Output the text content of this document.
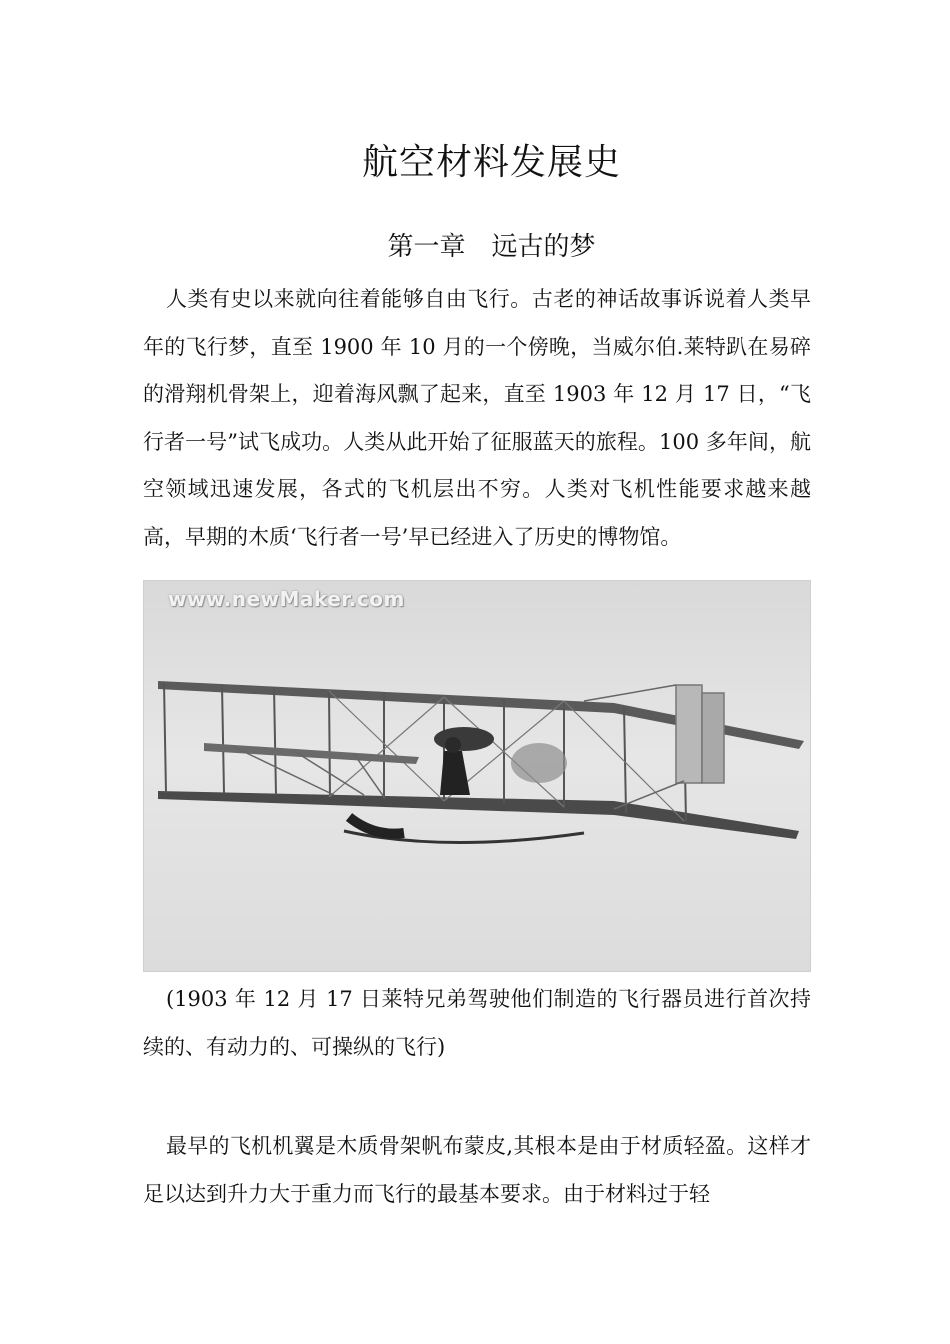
航空材料发展史
第一章　远古的梦

人类有史以来就向往着能够自由飞行。古老的神话故事诉说着人类早年的飞行梦，直至 1900 年 10 月的一个傍晚，当威尔伯.莱特趴在易碎的滑翔机骨架上，迎着海风飘了起来，直至 1903 年 12 月 17 日，“飞行者一号”试飞成功。人类从此开始了征服蓝天的旅程。100 多年间，航空领域迅速发展，各式的飞机层出不穷。人类对飞机性能要求越来越高，早期的木质‘飞行者一号’早已经进入了历史的博物馆。

www.newMaker.com

(1903 年 12 月 17 日莱特兄弟驾驶他们制造的飞行器员进行首次持续的、有动力的、可操纵的飞行)

最早的飞机机翼是木质骨架帆布蒙皮,其根本是由于材质轻盈。这样才足以达到升力大于重力而飞行的最基本要求。由于材料过于轻
